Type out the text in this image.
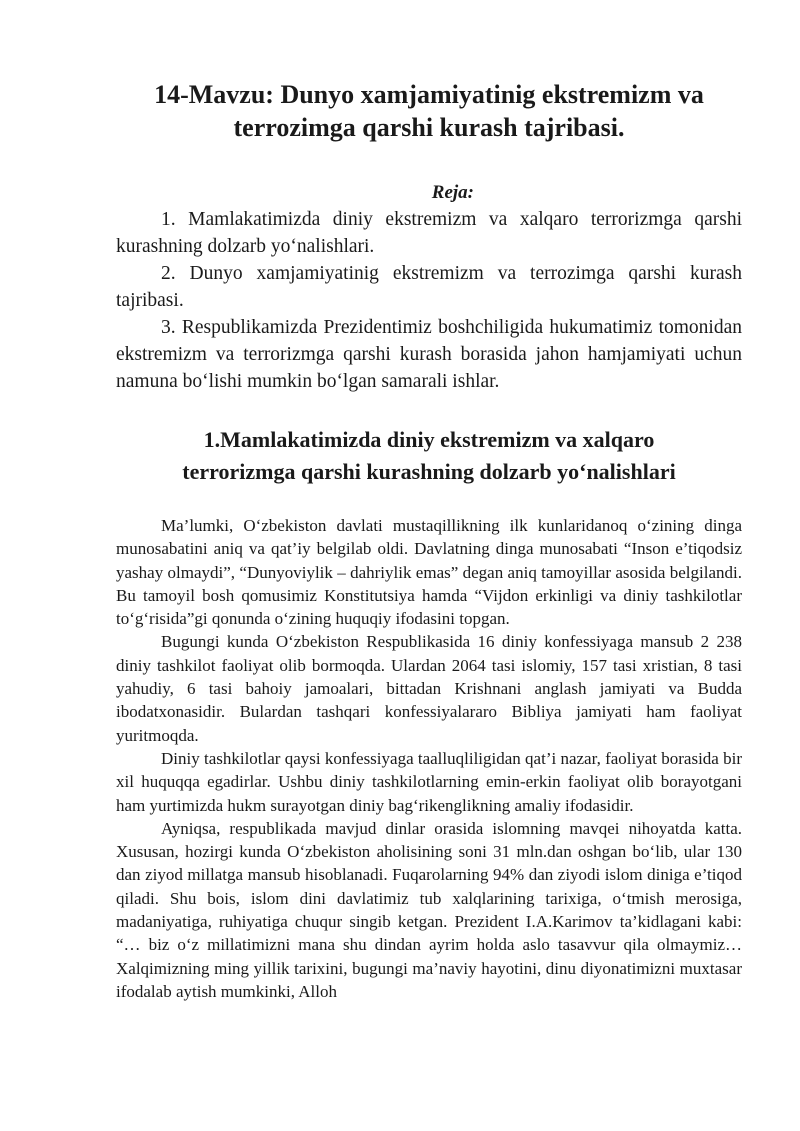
14-Mavzu: Dunyo xamjamiyatinig ekstremizm va
terrozimga qarshi kurash tajribasi.
Reja:
1. Mamlakatimizda diniy ekstremizm va xalqaro terrorizmga qarshi kurashning dolzarb yo‘nalishlari.
2. Dunyo xamjamiyatinig ekstremizm va terrozimga qarshi kurash tajribasi.
3. Respublikamizda Prezidentimiz boshchiligida hukumatimiz tomonidan ekstremizm va terrorizmga qarshi kurash borasida jahon hamjamiyati uchun namuna bo‘lishi mumkin bo‘lgan samarali ishlar.
1.Mamlakatimizda diniy ekstremizm va xalqaro
terrorizmga qarshi kurashning dolzarb yo‘nalishlari

Ma’lumki, O‘zbekiston davlati mustaqillikning ilk kunlaridanoq o‘zining dinga munosabatini aniq va qat’iy belgilab oldi. Davlatning dinga munosabati “Inson e’tiqodsiz yashay olmaydi”, “Dunyoviylik – dahriylik emas” degan aniq tamoyillar asosida belgilandi. Bu tamoyil bosh qomusimiz Konstitutsiya hamda “Vijdon erkinligi va diniy tashkilotlar to‘g‘risida”gi qonunda o‘zining huquqiy ifodasini topgan.

Bugungi kunda O‘zbekiston Respublikasida 16 diniy konfessiyaga mansub 2 238 diniy tashkilot faoliyat olib bormoqda. Ulardan 2064 tasi islomiy, 157 tasi xristian, 8 tasi yahudiy, 6 tasi bahoiy jamoalari, bittadan Krishnani anglash jamiyati va Budda ibodatxonasidir. Bulardan tashqari konfessiyalararo Bibliya jamiyati ham faoliyat yuritmoqda.

Diniy tashkilotlar qaysi konfessiyaga taalluqliligidan qat’i nazar, faoliyat borasida bir xil huquqqa egadirlar. Ushbu diniy tashkilotlarning emin-erkin faoliyat olib borayotgani ham yurtimizda hukm surayotgan diniy bag‘rikenglikning amaliy ifodasidir.

Ayniqsa, respublikada mavjud dinlar orasida islomning mavqei nihoyatda katta. Xususan, hozirgi kunda O‘zbekiston aholisining soni 31 mln.dan oshgan bo‘lib, ular 130 dan ziyod millatga mansub hisoblanadi. Fuqarolarning 94% dan ziyodi islom diniga e’tiqod qiladi. Shu bois, islom dini davlatimiz tub xalqlarining tarixiga, o‘tmish merosiga, madaniyatiga, ruhiyatiga chuqur singib ketgan. Prezident I.A.Karimov ta’kidlagani kabi: “… biz o‘z millatimizni mana shu dindan ayrim holda aslo tasavvur qila olmaymiz… Xalqimizning ming yillik tarixini, bugungi ma’naviy hayotini, dinu diyonatimizni muxtasar ifodalab aytish mumkinki, Alloh
